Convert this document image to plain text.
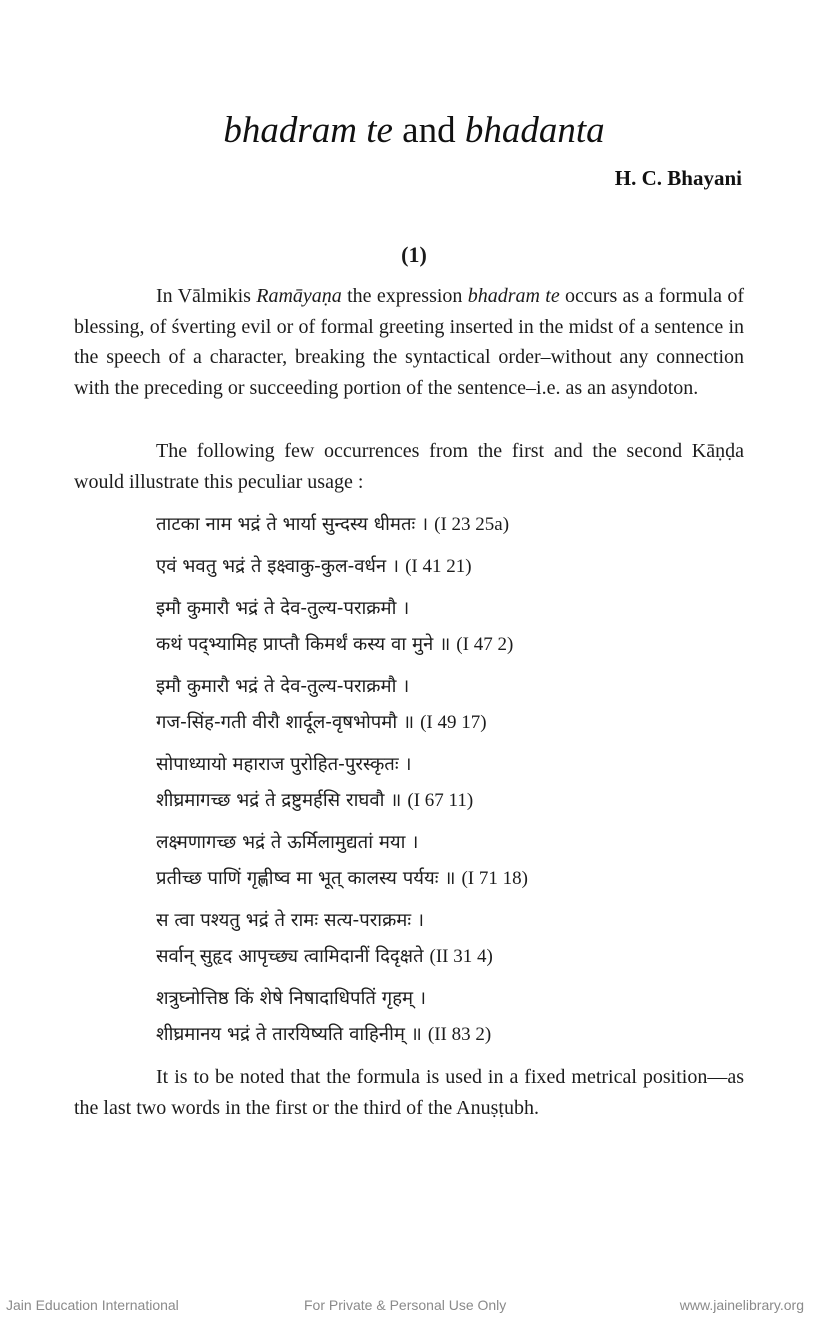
bhadram te and bhadanta
H. C. Bhayani
(1)

In Vālmikis Ramāyaṇa the expression bhadram te occurs as a formula of blessing, of śverting evil or of formal greeting inserted in the midst of a sentence in the speech of a character, breaking the syntactical order–without any connection with the preceding or succeeding portion of the sentence–i.e. as an asyndoton.

The following few occurrences from the first and the second Kāṇḍa would illustrate this peculiar usage :

ताटका नाम भद्रं ते भार्या सुन्दस्य धीमतः । (I 23 25a)
एवं भवतु भद्रं ते इक्ष्वाकु-कुल-वर्धन । (I 41 21)
इमौ कुमारौ भद्रं ते देव-तुल्य-पराक्रमौ ।
कथं पद्भ्यामिह प्राप्तौ किमर्थं कस्य वा मुने ॥ (I 47 2)
इमौ कुमारौ भद्रं ते देव-तुल्य-पराक्रमौ ।
गज-सिंह-गती वीरौ शार्दूल-वृषभोपमौ ॥ (I 49 17)
सोपाध्यायो महाराज पुरोहित-पुरस्कृतः ।
शीघ्रमागच्छ भद्रं ते द्रष्टुमर्हसि राघवौ ॥ (I 67 11)
लक्ष्मणागच्छ भद्रं ते ऊर्मिलामुद्यतां मया ।
प्रतीच्छ पाणिं गृह्णीष्व मा भूत् कालस्य पर्ययः ॥ (I 71 18)
स त्वा पश्यतु भद्रं ते रामः सत्य-पराक्रमः ।
सर्वान् सुहृद आपृच्छ्य त्वामिदानीं दिदृक्षते (II 31 4)
शत्रुघ्नोत्तिष्ठ किं शेषे निषादाधिपतिं गृहम् ।
शीघ्रमानय भद्रं ते तारयिष्यति वाहिनीम् ॥ (II 83 2)

It is to be noted that the formula is used in a fixed metrical position—as the last two words in the first or the third of the Anuṣṭubh.

Jain Education International	For Private & Personal Use Only	www.jainelibrary.org
